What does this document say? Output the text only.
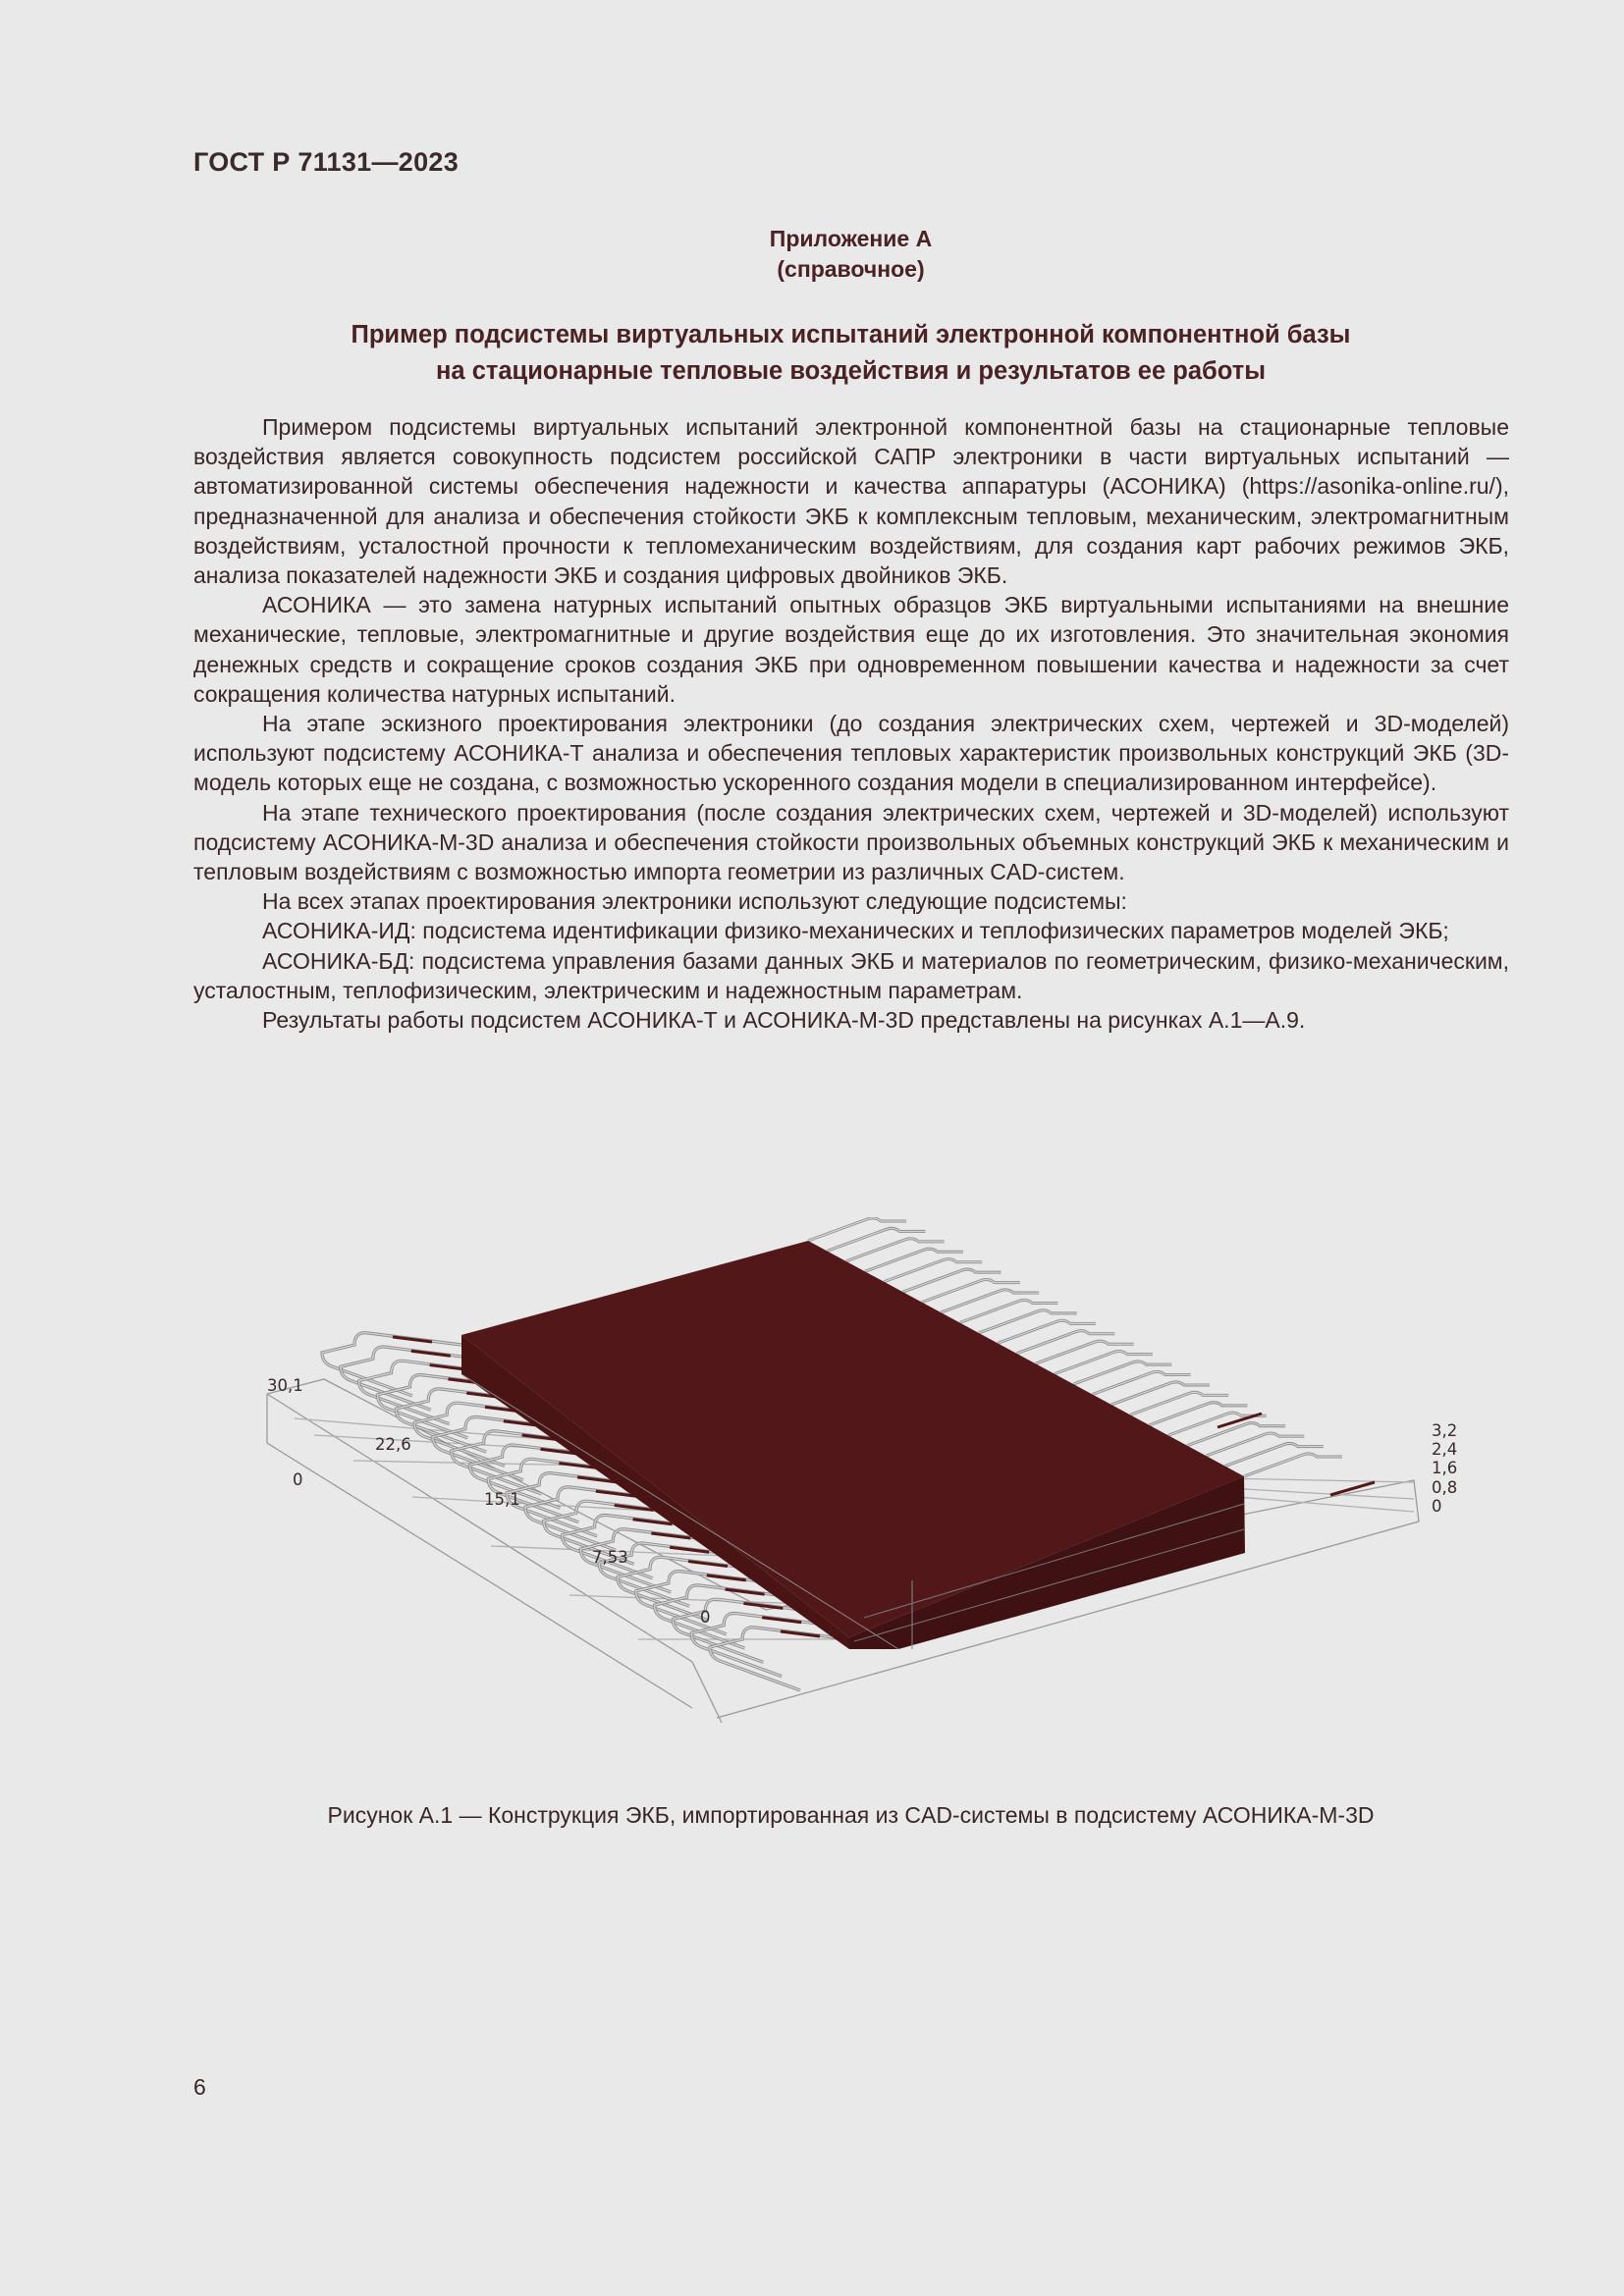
ГОСТ Р 71131—2023
Приложение А
(справочное)
Пример подсистемы виртуальных испытаний электронной компонентной базы
на стационарные тепловые воздействия и результатов ее работы

Примером подсистемы виртуальных испытаний электронной компонентной базы на стационарные тепловые воздействия является совокупность подсистем российской САПР электроники в части виртуальных испытаний — автоматизированной системы обеспечения надежности и качества аппаратуры (АСОНИКА) (https://asonika-online.ru/), предназначенной для анализа и обеспечения стойкости ЭКБ к комплексным тепловым, механическим, электромагнитным воздействиям, усталостной прочности к тепломеханическим воздействиям, для создания карт рабочих режимов ЭКБ, анализа показателей надежности ЭКБ и создания цифровых двойников ЭКБ.

АСОНИКА — это замена натурных испытаний опытных образцов ЭКБ виртуальными испытаниями на внешние механические, тепловые, электромагнитные и другие воздействия еще до их изготовления. Это значительная экономия денежных средств и сокращение сроков создания ЭКБ при одновременном повышении качества и надежности за счет сокращения количества натурных испытаний.

На этапе эскизного проектирования электроники (до создания электрических схем, чертежей и 3D-моделей) используют подсистему АСОНИКА-Т анализа и обеспечения тепловых характеристик произвольных конструкций ЭКБ (3D-модель которых еще не создана, с возможностью ускоренного создания модели в специализированном интерфейсе).

На этапе технического проектирования (после создания электрических схем, чертежей и 3D-моделей) используют подсистему АСОНИКА-М-3D анализа и обеспечения стойкости произвольных объемных конструкций ЭКБ к механическим и тепловым воздействиям с возможностью импорта геометрии из различных CAD-систем.

На всех этапах проектирования электроники используют следующие подсистемы:

АСОНИКА-ИД: подсистема идентификации физико-механических и теплофизических параметров моделей ЭКБ;

АСОНИКА-БД: подсистема управления базами данных ЭКБ и материалов по геометрическим, физико-механическим, усталостным, теплофизическим, электрическим и надежностным параметрам.

Результаты работы подсистем АСОНИКА-Т и АСОНИКА-М-3D представлены на рисунках А.1—А.9.

30,1
22,6
15,1
7,53
0
0
3,2
2,4
1,6
0,8
0
Рисунок А.1 — Конструкция ЭКБ, импортированная из CAD-системы в подсистему АСОНИКА-М-3D
6
